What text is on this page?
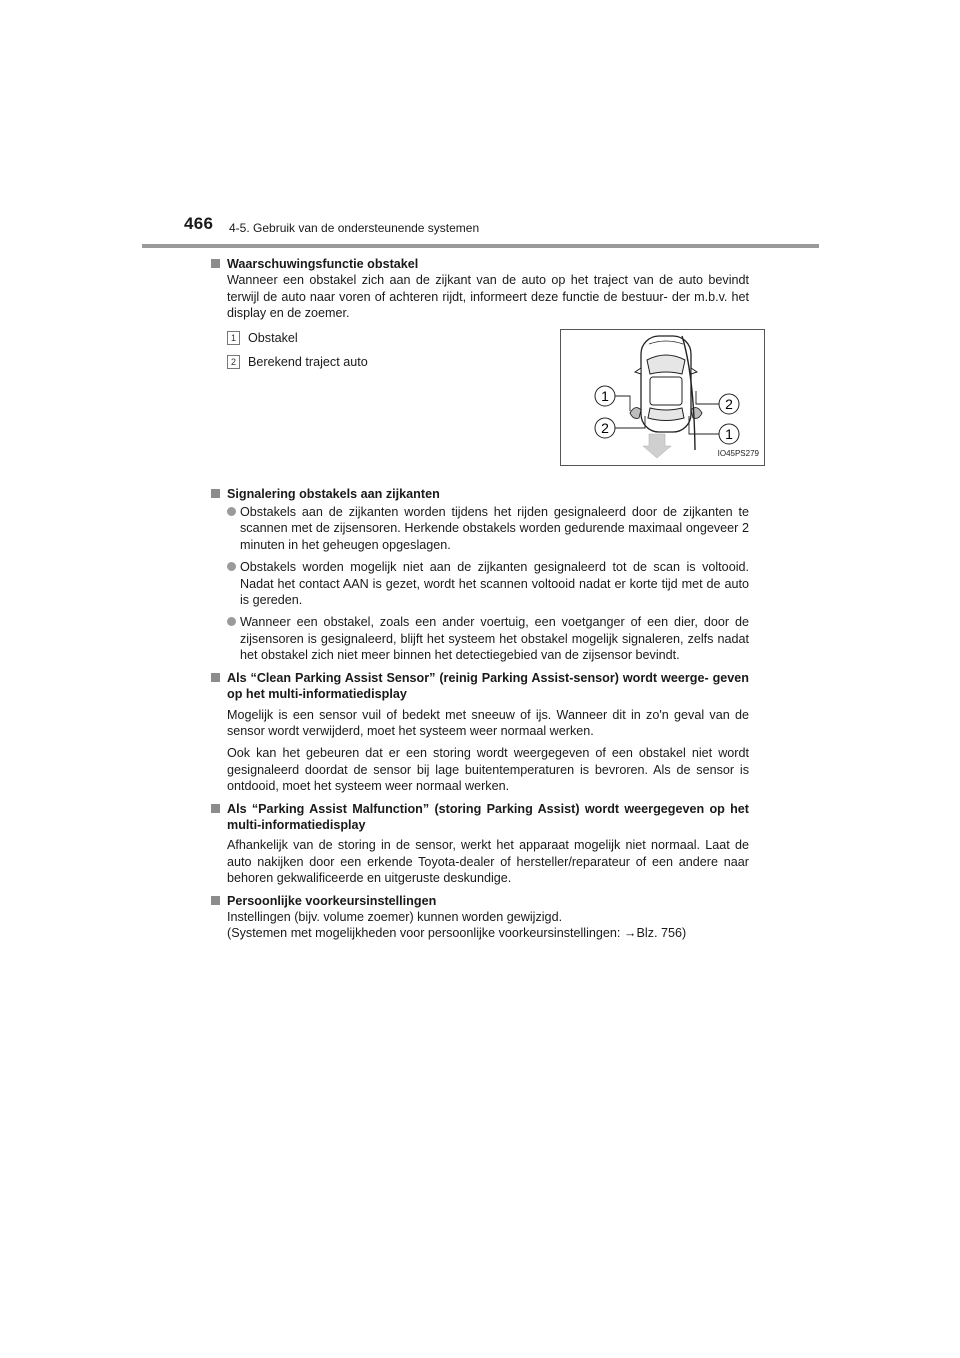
466 4-5. Gebruik van de ondersteunende systemen
Waarschuwingsfunctie obstakel
Wanneer een obstakel zich aan de zijkant van de auto op het traject van de auto bevindt terwijl de auto naar voren of achteren rijdt, informeert deze functie de bestuur- der m.b.v. het display en de zoemer.
1 Obstakel
2 Berekend traject auto
1
2
2
1
IO45PS279
Signalering obstakels aan zijkanten
Obstakels aan de zijkanten worden tijdens het rijden gesignaleerd door de zijkanten te scannen met de zijsensoren. Herkende obstakels worden gedurende maximaal ongeveer 2 minuten in het geheugen opgeslagen.
Obstakels worden mogelijk niet aan de zijkanten gesignaleerd tot de scan is voltooid. Nadat het contact AAN is gezet, wordt het scannen voltooid nadat er korte tijd met de auto is gereden.
Wanneer een obstakel, zoals een ander voertuig, een voetganger of een dier, door de zijsensoren is gesignaleerd, blijft het systeem het obstakel mogelijk signaleren, zelfs nadat het obstakel zich niet meer binnen het detectiegebied van de zijsensor bevindt.
Als “Clean Parking Assist Sensor” (reinig Parking Assist-sensor) wordt weerge- geven op het multi-informatiedisplay
Mogelijk is een sensor vuil of bedekt met sneeuw of ijs. Wanneer dit in zo'n geval van de sensor wordt verwijderd, moet het systeem weer normaal werken.
Ook kan het gebeuren dat er een storing wordt weergegeven of een obstakel niet wordt gesignaleerd doordat de sensor bij lage buitentemperaturen is bevroren. Als de sensor is ontdooid, moet het systeem weer normaal werken.
Als “Parking Assist Malfunction” (storing Parking Assist) wordt weergegeven op het multi-informatiedisplay
Afhankelijk van de storing in de sensor, werkt het apparaat mogelijk niet normaal. Laat de auto nakijken door een erkende Toyota-dealer of hersteller/reparateur of een andere naar behoren gekwalificeerde en uitgeruste deskundige.
Persoonlijke voorkeursinstellingen
Instellingen (bijv. volume zoemer) kunnen worden gewijzigd.
(Systemen met mogelijkheden voor persoonlijke voorkeursinstellingen: →Blz. 756)
